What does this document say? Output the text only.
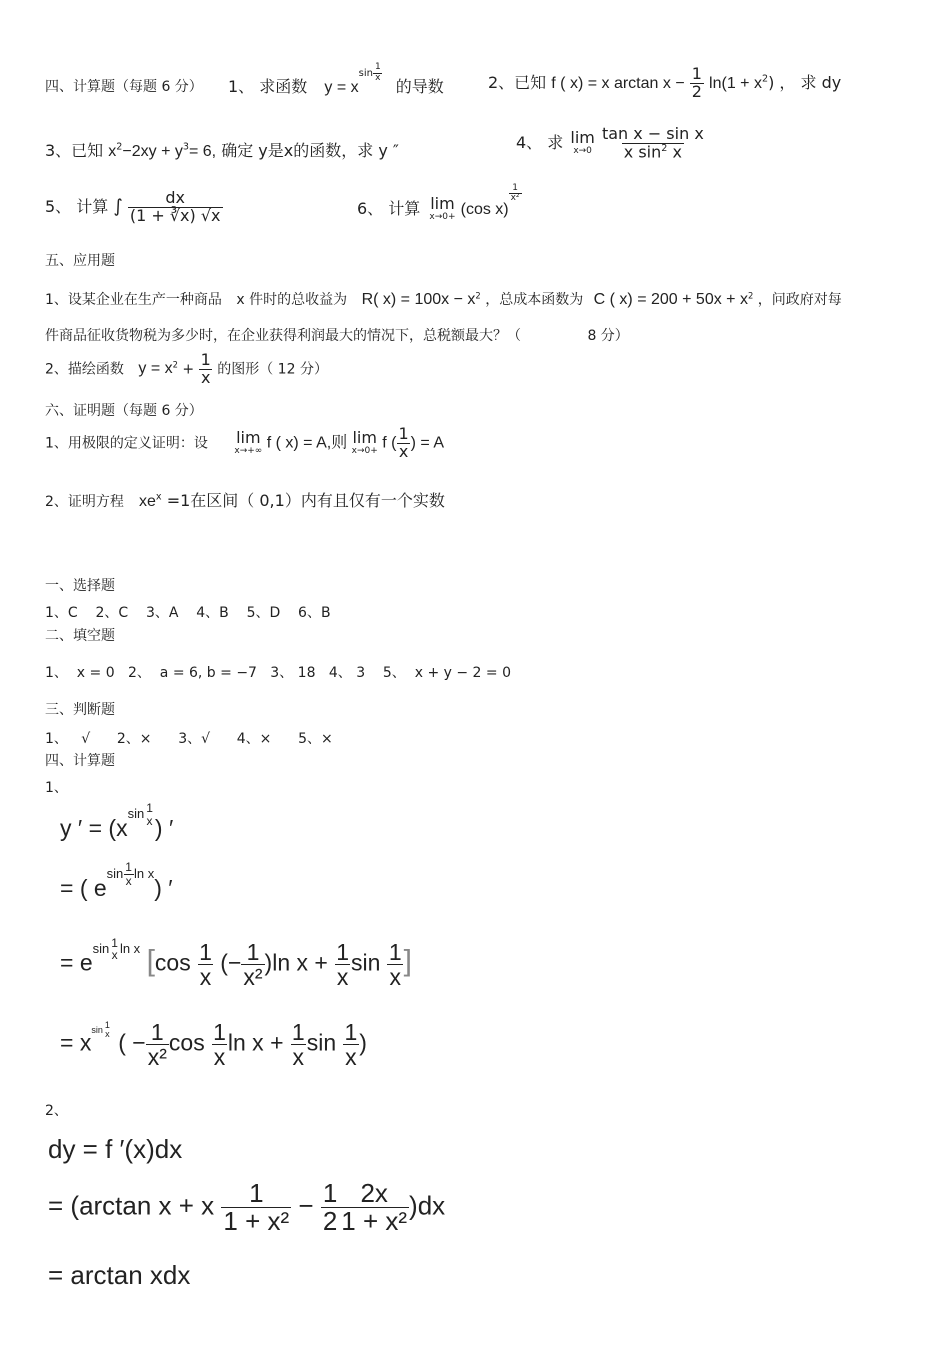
四、计算题（每题 6 分） 1、 求函数 $y = x^{sin \frac{1}{x}}$
的导数	2、已知 f ( x) = x $\arctan x - \frac{1}{2} \ln(1 + x^2)$ ， 求 dy
3、已知 $x^2-2xy + y^3= 6$, 确定 y是x的函数，求 y ″	4、 求 lim
x→0
$\frac{\text{tan x − sin x}}{x \sin^2 x}$
5、 计算 ∫ $\frac{dx}{(1 + ∛x) √x}$	6、 计算 lim
x→0+ (cos x)
$\frac{1}{\text{x²}}$
五、应用题
1、设某企业在生产一种商品 x 件时的总收益为 R( $x) = 100x - x^2$ ，总成本函数为 C ( $x) = 200 + 50x + x^2$ ，问政府对每
件商品征收货物税为多少时，在企业获得利润最大的情况下，总税额最大？（	8 分）
2、描绘函数 $y = x^2 + \frac{1}{x}$ 的图形（ 12 分）
六、证明题（每题 6 分）
1、用极限的定义证明：设 lim
x→+∞ f ( x) = A,则 lim
x→0+ f ( $\frac{1}{x}$ ) = A
2、证明方程 $xe^x =1$在区间（ 0,1）内有且仅有一个实数
一、选择题
1、C    2、C    3、A    4、B    5、D    6、B
二、填空题
1、  x = 0   2、  a = 6, b = −7   3、 18   4、 3    5、  x + y − 2 = 0
三、判断题
1、   √      2、×      3、√      4、×      5、×
四、计算题
1、
y ′ = ($x^{sin 1 x}$ ) ′
= ( $e^{sin \frac{1}{x} ln x}$) ′
= $e^{sin 1 x ln x}$ [$\cos \frac{1}{x}$ (− $\frac{1}{\text{x²}} )\ln$ $x + \frac{1}{x}$ $\sin \frac{1}{x}$ ]
= $x^{sin 1 x}$ ( − $\frac{1}{\text{x²}}$ $\cos \frac{1}{x}$ $\ln x + \frac{1}{x}$ $\sin \frac{1}{x}$ )
2、
dy = f ′(x)dx
= (arctan x + x $\frac{1}{\text{1 + x²}} - \frac{1}{2} \frac{2x}{\text{1 + x²}} )dx$
= arctan xdx
